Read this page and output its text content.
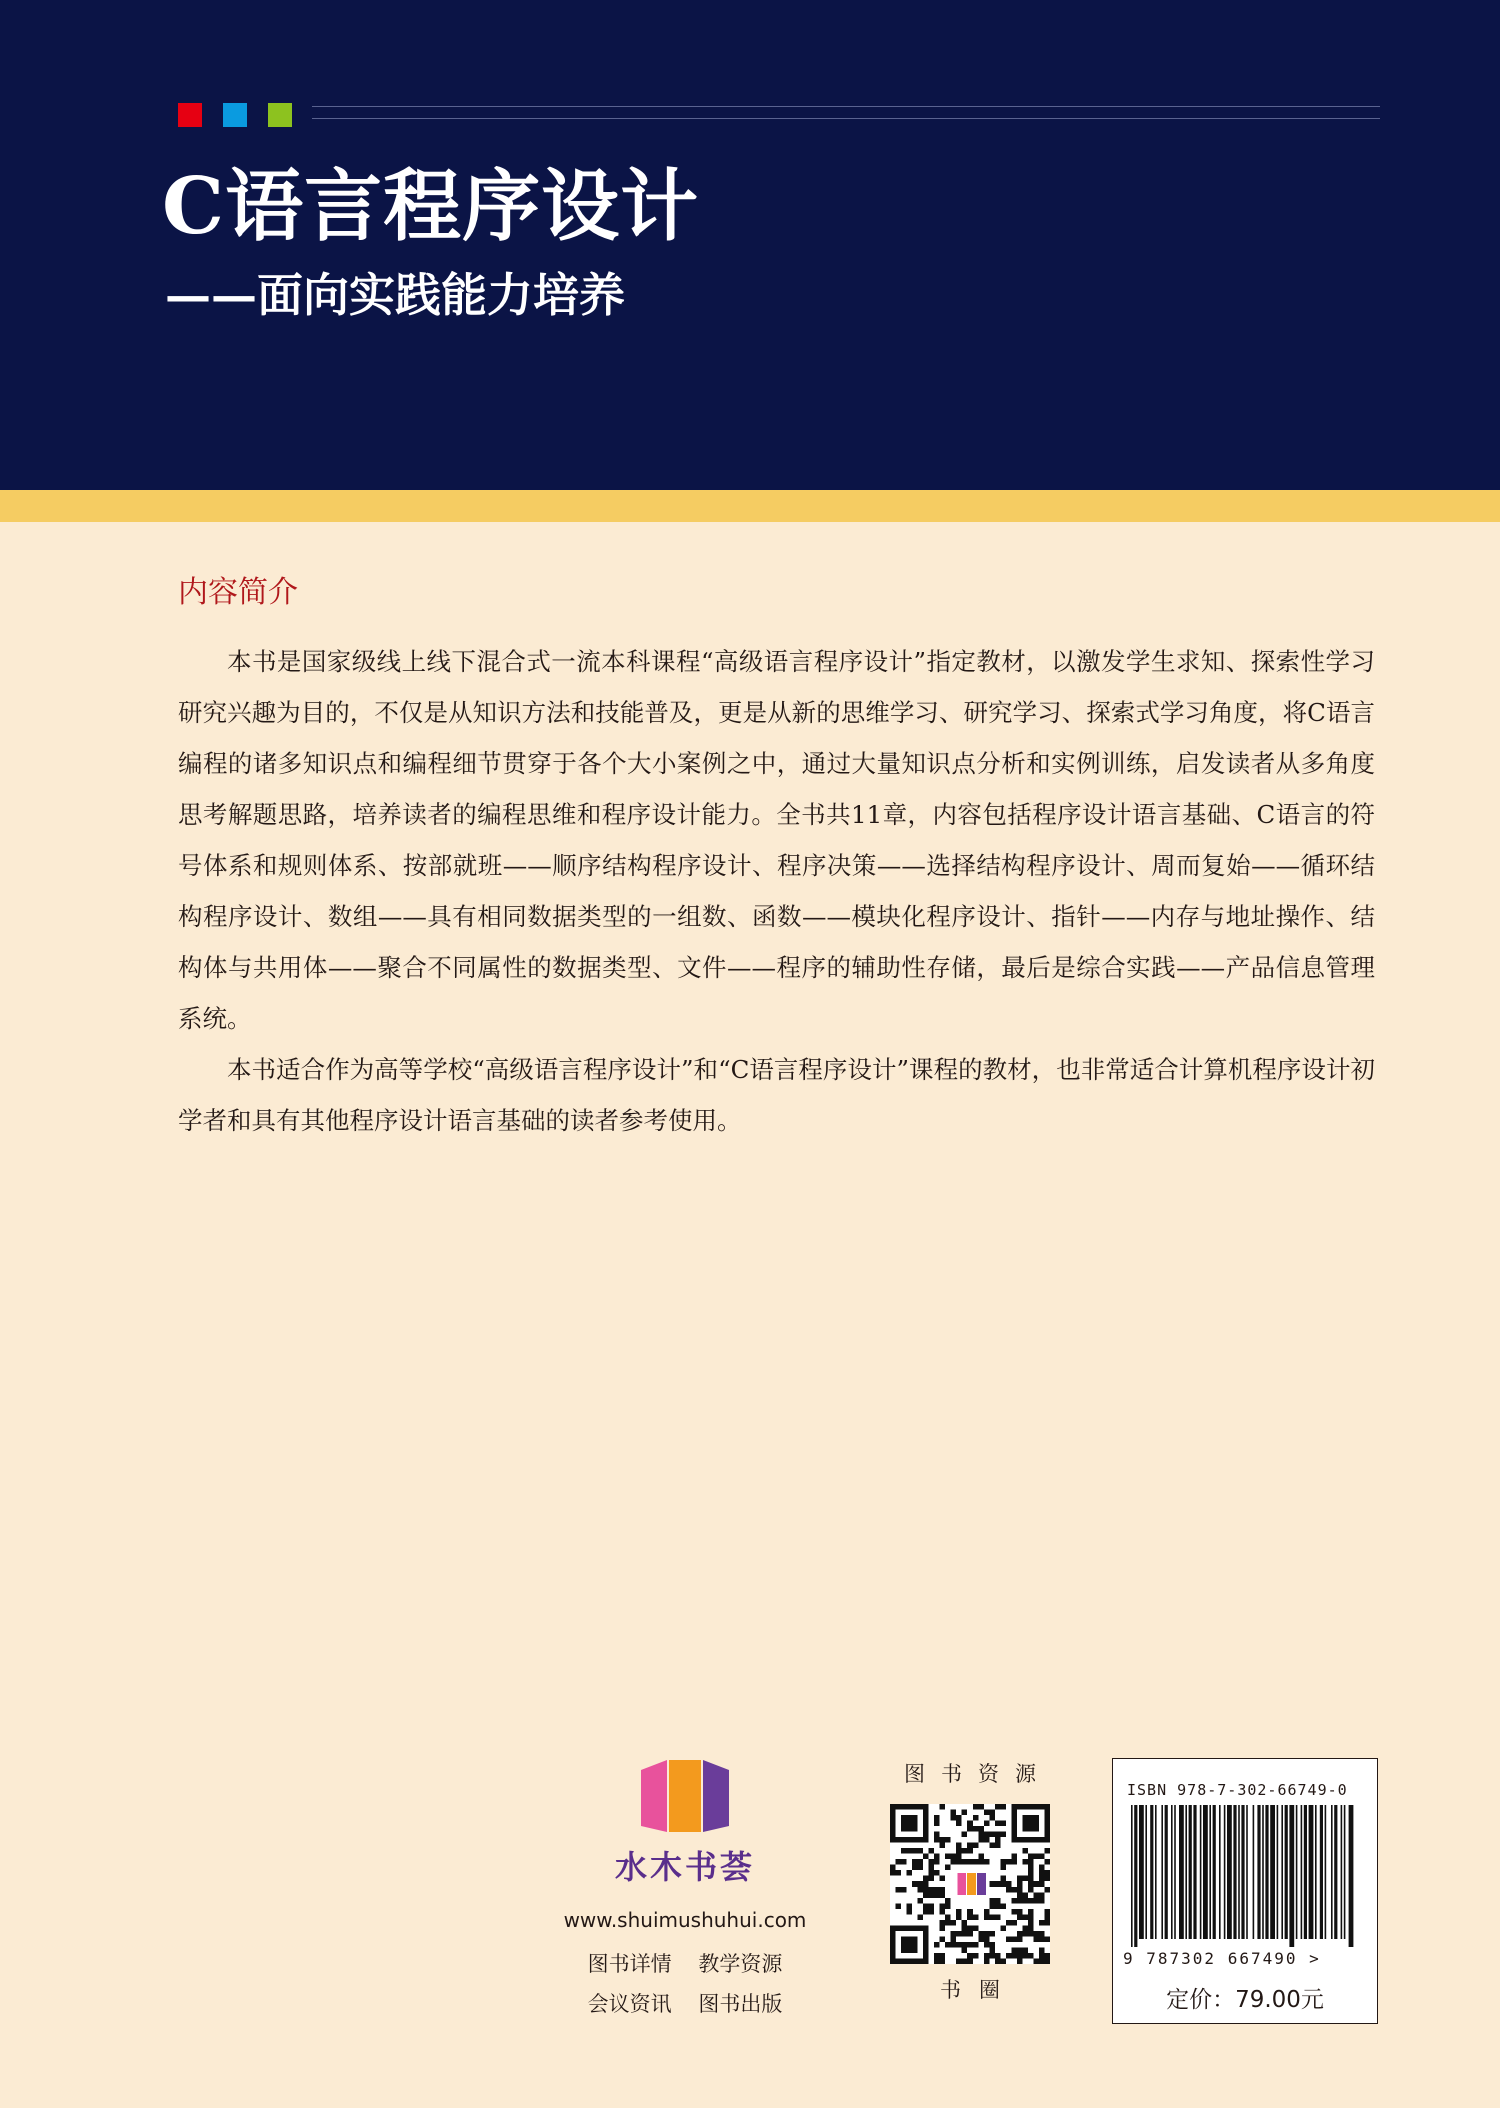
C语言程序设计
——面向实践能力培养
内容简介

本书是国家级线上线下混合式一流本科课程“高级语言程序设计”指定教材，以激发学生求知、探索性学习研究兴趣为目的，不仅是从知识方法和技能普及，更是从新的思维学习、研究学习、探索式学习角度，将C语言编程的诸多知识点和编程细节贯穿于各个大小案例之中，通过大量知识点分析和实例训练，启发读者从多角度思考解题思路，培养读者的编程思维和程序设计能力。全书共11章，内容包括程序设计语言基础、C语言的符号体系和规则体系、按部就班——顺序结构程序设计、程序决策——选择结构程序设计、周而复始——循环结构程序设计、数组——具有相同数据类型的一组数、函数——模块化程序设计、指针——内存与地址操作、结构体与共用体——聚合不同属性的数据类型、文件——程序的辅助性存储，最后是综合实践——产品信息管理系统。

本书适合作为高等学校“高级语言程序设计”和“C语言程序设计”课程的教材，也非常适合计算机程序设计初学者和具有其他程序设计语言基础的读者参考使用。

水木书荟
www.shuimushuhui.com
图书详情 教学资源
会议资讯 图书出版
图书资源
书圈
ISBN 978-7-302-66749-0
9 787302 667490 >
定价：79.00元
